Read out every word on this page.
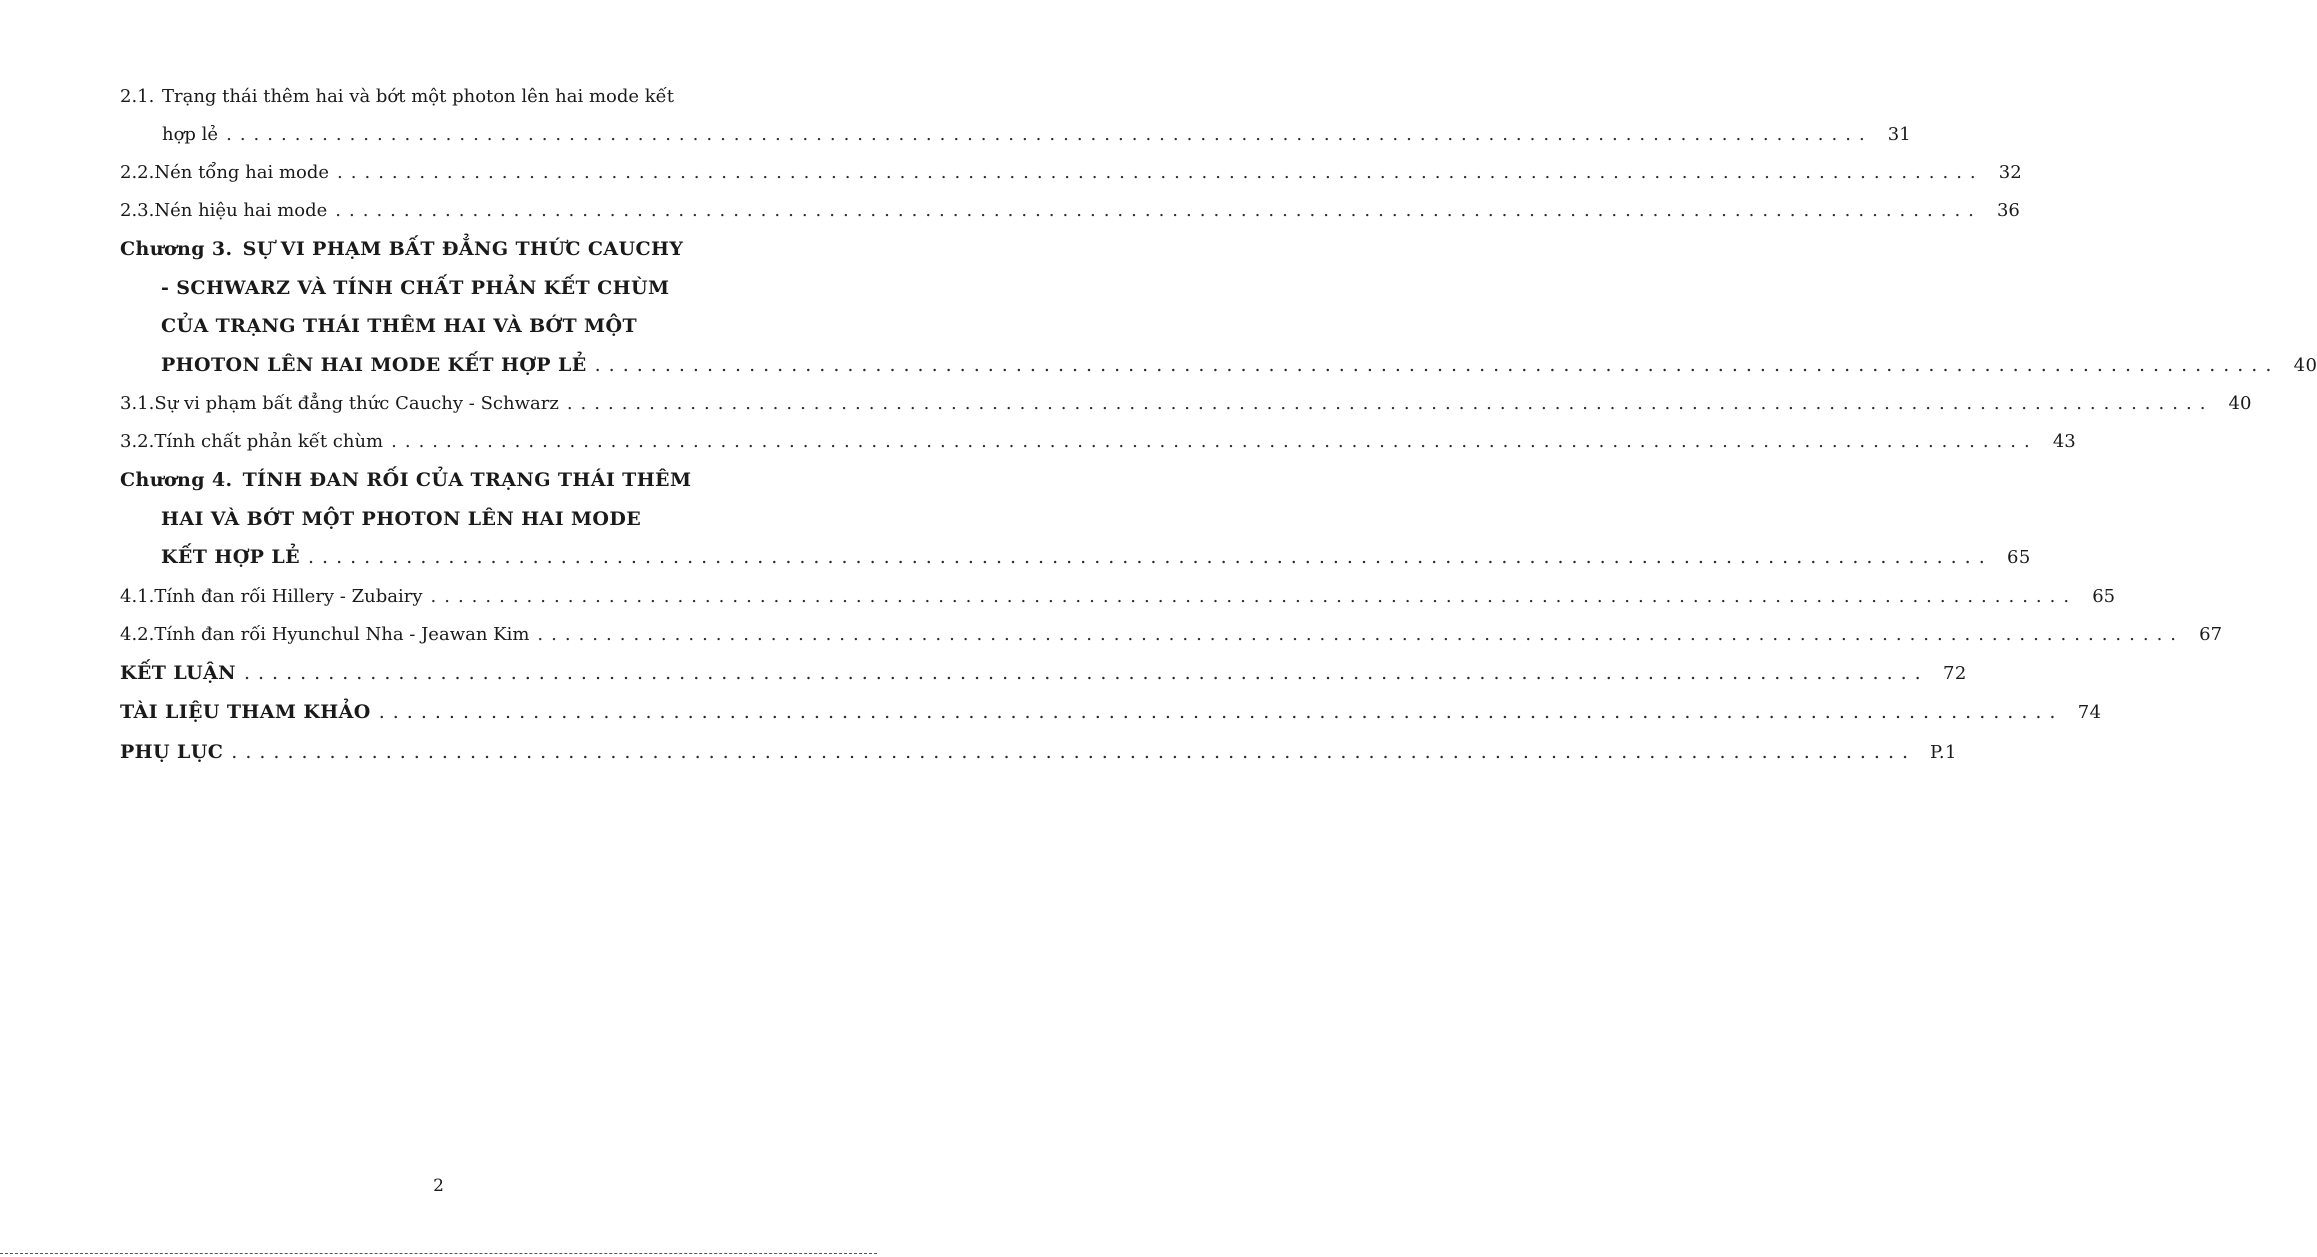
2.1. Trạng thái thêm hai và bớt một photon lên hai mode kết
hợp lẻ ........................................................................................................................ 31
2.2. Nén tổng hai mode ........................................................................................................................ 32
2.3. Nén hiệu hai mode ........................................................................................................................ 36
Chương 3. SỰ VI PHẠM BẤT ĐẲNG THỨC CAUCHY
- SCHWARZ VÀ TÍNH CHẤT PHẢN KẾT CHÙM
CỦA TRẠNG THÁI THÊM HAI VÀ BỚT MỘT
PHOTON LÊN HAI MODE KẾT HỢP LẺ ........................................................................................................................ 40
3.1. Sự vi phạm bất đẳng thức Cauchy - Schwarz ........................................................................................................................ 40
3.2. Tính chất phản kết chùm ........................................................................................................................ 43
Chương 4. TÍNH ĐAN RỐI CỦA TRẠNG THÁI THÊM
HAI VÀ BỚT MỘT PHOTON LÊN HAI MODE
KẾT HỢP LẺ ........................................................................................................................ 65
4.1. Tính đan rối Hillery - Zubairy ........................................................................................................................ 65
4.2. Tính đan rối Hyunchul Nha - Jeawan Kim ........................................................................................................................ 67
KẾT LUẬN ........................................................................................................................ 72
TÀI LIỆU THAM KHẢO ........................................................................................................................ 74
PHỤ LỤC ........................................................................................................................ P.1
2
